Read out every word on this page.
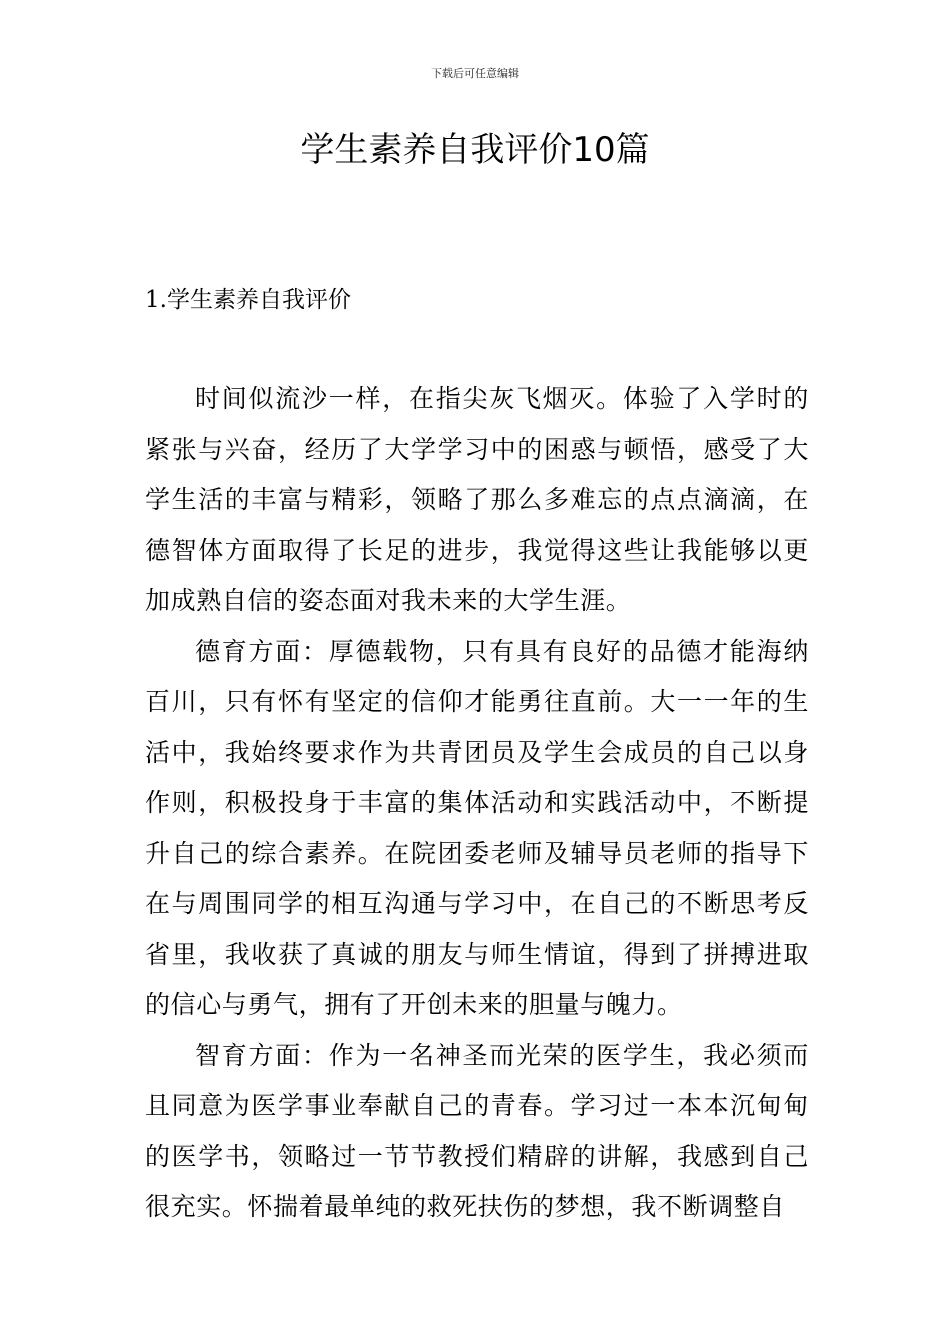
下载后可任意编辑
学生素养自我评价10篇
1.学生素养自我评价

时间似流沙一样，在指尖灰飞烟灭。体验了入学时的紧张与兴奋，经历了大学学习中的困惑与顿悟，感受了大学生活的丰富与精彩，领略了那么多难忘的点点滴滴，在德智体方面取得了长足的进步，我觉得这些让我能够以更加成熟自信的姿态面对我未来的大学生涯。

德育方面：厚德载物，只有具有良好的品德才能海纳百川，只有怀有坚定的信仰才能勇往直前。大一一年的生活中，我始终要求作为共青团员及学生会成员的自己以身作则，积极投身于丰富的集体活动和实践活动中，不断提升自己的综合素养。在院团委老师及辅导员老师的指导下在与周围同学的相互沟通与学习中，在自己的不断思考反省里，我收获了真诚的朋友与师生情谊，得到了拼搏进取的信心与勇气，拥有了开创未来的胆量与魄力。

智育方面：作为一名神圣而光荣的医学生，我必须而且同意为医学事业奉献自己的青春。学习过一本本沉甸甸的医学书，领略过一节节教授们精辟的讲解，我感到自己很充实。怀揣着最单纯的救死扶伤的梦想，我不断调整自
